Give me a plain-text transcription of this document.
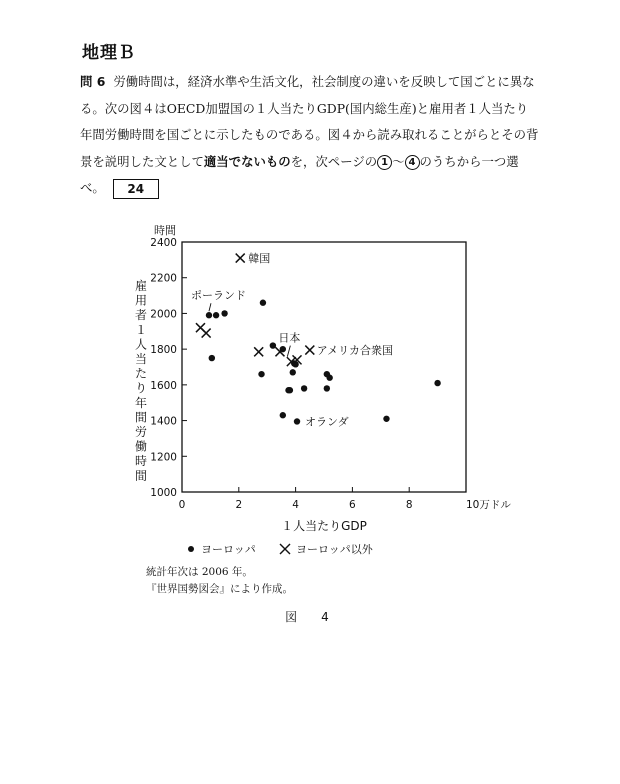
地理Ｂ

問 6 労働時間は，経済水準や生活文化，社会制度の違いを反映して国ごとに異なる。次の図４はOECD加盟国の１人当たりGDP(国内総生産)と雇用者１人当たり年間労働時間を国ごとに示したものである。図４から読み取れることがらとその背景を説明した文として適当でないものを，次ページの 1 ～ 4 のうちから一つ選べ。 24

時間
雇用者１人当たり年間労働時間
1000
1200
1400
1600
1800
2000
2200
2400
0	2	4	6	8	10万ドル
１人当たりGDP
ポーランド
オランダ
韓国
日本
アメリカ合衆国
ヨーロッパ	ヨーロッパ以外
統計年次は 2006 年。
『世界国勢図会』により作成。
図　4
